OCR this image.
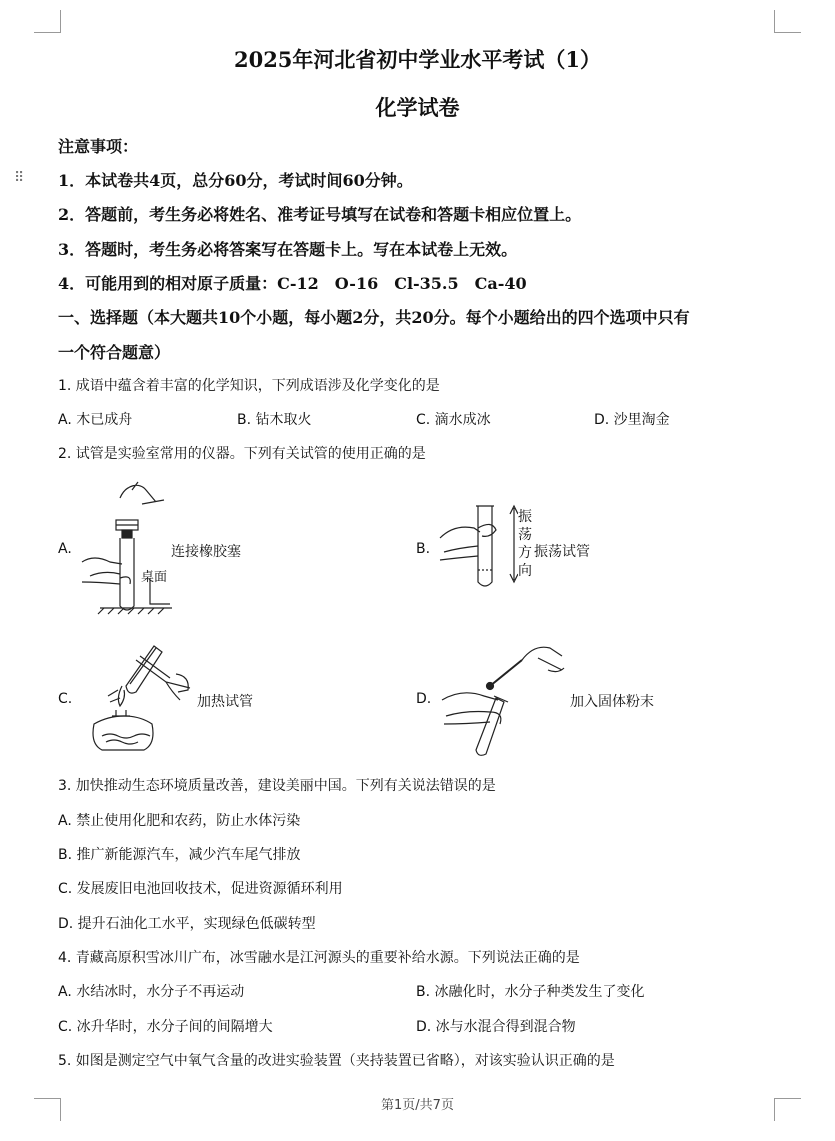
⠿
2025年河北省初中学业水平考试（1）
化学试卷
注意事项：
1．本试卷共4页，总分60分，考试时间60分钟。
2．答题前，考生务必将姓名、准考证号填写在试卷和答题卡相应位置上。
3．答题时，考生务必将答案写在答题卡上。写在本试卷上无效。
4．可能用到的相对原子质量：C-12　O-16　Cl-35.5　Ca-40
一、选择题（本大题共10个小题，每小题2分，共20分。每个小题给出的四个选项中只有
一个符合题意）
1. 成语中蕴含着丰富的化学知识，下列成语涉及化学变化的是
A. 木已成舟	B. 钻木取火	C. 滴水成冰	D. 沙里淘金
2. 试管是实验室常用的仪器。下列有关试管的使用正确的是
A.	连接橡胶塞
桌面
B.
振
荡
方
向
振荡试管
C.	加热试管	D.	加入固体粉末
3. 加快推动生态环境质量改善，建设美丽中国。下列有关说法错误的是
A. 禁止使用化肥和农药，防止水体污染
B. 推广新能源汽车，减少汽车尾气排放
C. 发展废旧电池回收技术，促进资源循环利用
D. 提升石油化工水平，实现绿色低碳转型
4. 青藏高原积雪冰川广布，冰雪融水是江河源头的重要补给水源。下列说法正确的是
A. 水结冰时，水分子不再运动	B. 冰融化时，水分子种类发生了变化
C. 冰升华时，水分子间的间隔增大	D. 冰与水混合得到混合物
5. 如图是测定空气中氧气含量的改进实验装置（夹持装置已省略），对该实验认识正确的是
第1页/共7页
